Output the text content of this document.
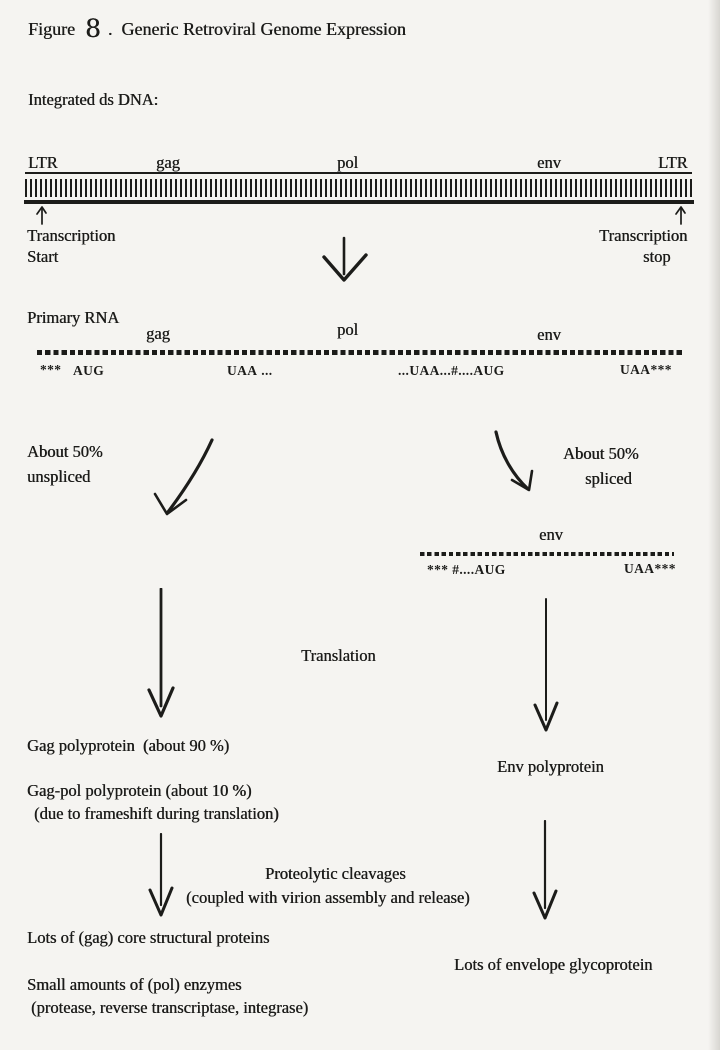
Figure 8 .  Generic Retroviral Genome Expression
Integrated ds DNA:
LTR	gag	pol	env	LTR
Transcription
Start
Transcription
stop
Primary RNA
gag	pol	env
*** AUG	UAA ...	...UAA...#....AUG	UAA***
About 50%
unspliced
About 50%
spliced
env
*** #....AUG	UAA***
Translation
Gag polyprotein  (about 90 %)
Env polyprotein
Gag-pol polyprotein (about 10 %)
(due to frameshift during translation)
Proteolytic cleavages
(coupled with virion assembly and release)
Lots of (gag) core structural proteins
Lots of envelope glycoprotein
Small amounts of (pol) enzymes
(protease, reverse transcriptase, integrase)
